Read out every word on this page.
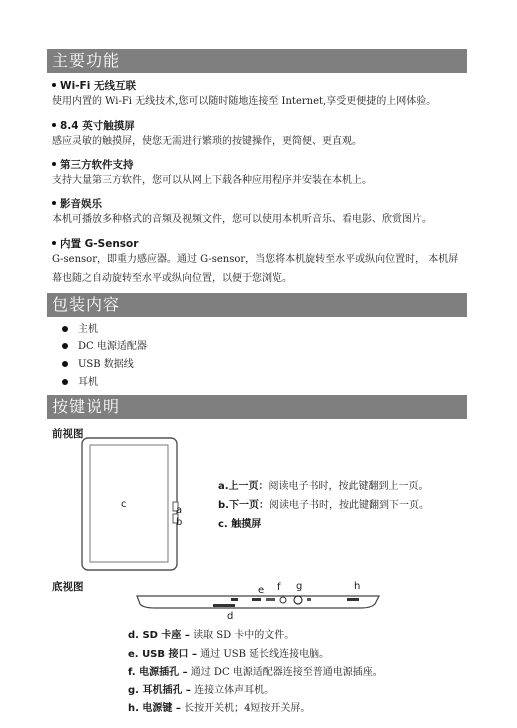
主要功能
Wi-Fi 无线互联
使用内置的 Wi-Fi 无线技术,您可以随时随地连接至 Internet,享受更便捷的上网体验。
8.4 英寸触摸屏
感应灵敏的触摸屏，使您无需进行繁琐的按键操作，更简便、更直观。
第三方软件支持
支持大量第三方软件，您可以从网上下载各种应用程序并安装在本机上。
影音娱乐
本机可播放多种格式的音频及视频文件，您可以使用本机听音乐、看电影、欣赏图片。
内置 G-Sensor
G-sensor，即重力感应器。通过 G-sensor，当您将本机旋转至水平或纵向位置时， 本机屏幕也随之自动旋转至水平或纵向位置，以便于您浏览。
包装内容
主机
DC 电源适配器
USB 数据线
耳机
按键说明
前视图
c
a
b
a.上一页：阅读电子书时，按此键翻到上一页。
b.下一页：阅读电子书时，按此键翻到下一页。
c. 触摸屏
底视图	e f g	h
d
d. SD 卡座 – 读取 SD 卡中的文件。
e. USB 接口 – 通过 USB 延长线连接电脑。
f. 电源插孔 – 通过 DC 电源适配器连接至普通电源插座。
g. 耳机插孔 – 连接立体声耳机。
h. 电源键 – 长按开关机；4短按开关屏。
